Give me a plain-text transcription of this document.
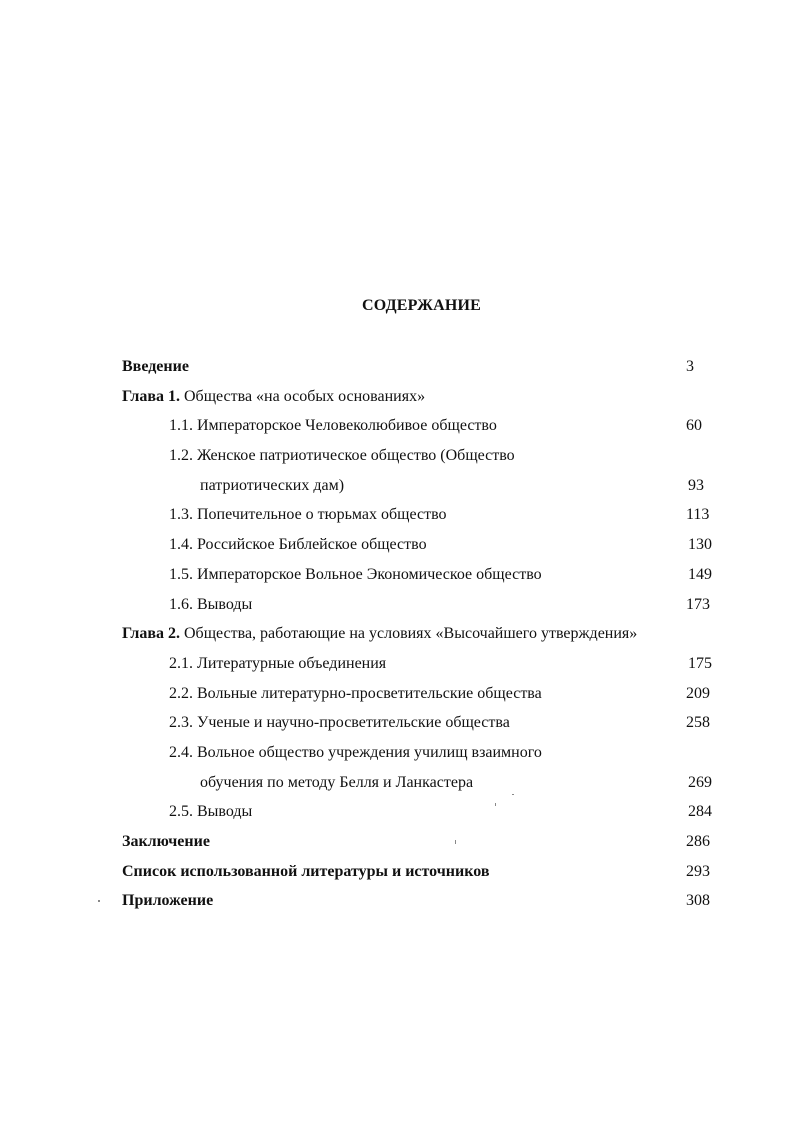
СОДЕРЖАНИЕ
Введение	3
Глава 1. Общества «на особых основаниях»
1.1. Императорское Человеколюбивое общество	60
1.2. Женское патриотическое общество (Общество
патриотических дам)	93
1.3. Попечительное о тюрьмах общество	113
1.4. Российское Библейское общество	130
1.5. Императорское Вольное Экономическое общество	149
1.6. Выводы	173
Глава 2. Общества, работающие на условиях «Высочайшего утверждения»
2.1. Литературные объединения	175
2.2. Вольные литературно-просветительские общества	209
2.3. Ученые и научно-просветительские общества	258
2.4. Вольное общество учреждения училищ взаимного
обучения по методу Белля и Ланкастера	269
2.5. Выводы	284
Заключение	286
Список использованной литературы и источников	293
Приложение	308
